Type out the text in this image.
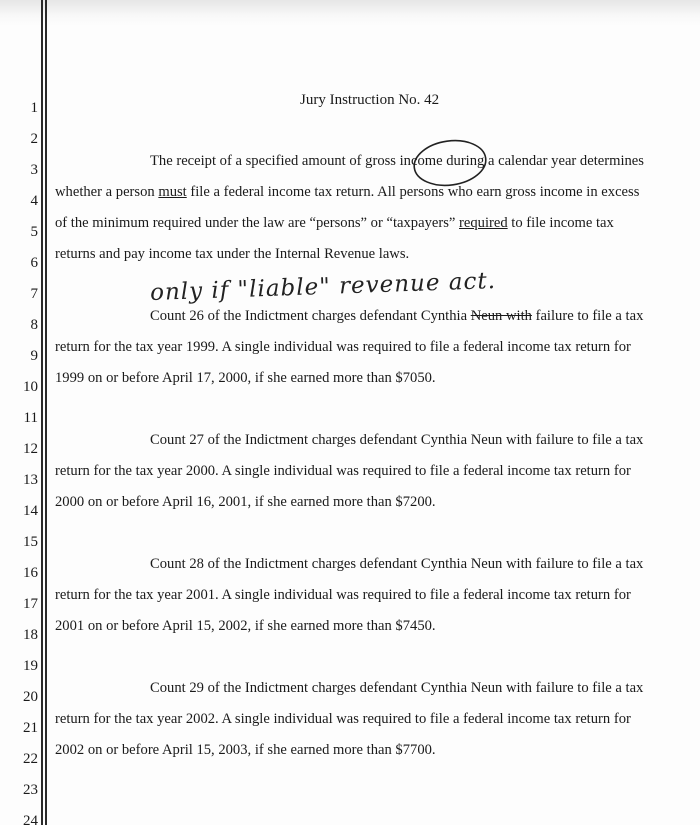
1
2
3
4
5
6
7
8
9
10
11
12
13
14
15
16
17
18
19
20
21
22
23
24
Jury Instruction No. 42
The receipt of a specified amount of gross income during a calendar year determines
whether a person must file a federal income tax return. All persons who earn gross income in excess
of the minimum required under the law are “persons” or “taxpayers” required to file income tax
returns and pay income tax under the Internal Revenue laws.
only if "liable" revenue act.
Count 26 of the Indictment charges defendant Cynthia Neun with failure to file a tax
return for the tax year 1999. A single individual was required to file a federal income tax return for
1999 on or before April 17, 2000, if she earned more than $7050.
Count 27 of the Indictment charges defendant Cynthia Neun with failure to file a tax
return for the tax year 2000. A single individual was required to file a federal income tax return for
2000 on or before April 16, 2001, if she earned more than $7200.
Count 28 of the Indictment charges defendant Cynthia Neun with failure to file a tax
return for the tax year 2001. A single individual was required to file a federal income tax return for
2001 on or before April 15, 2002, if she earned more than $7450.
Count 29 of the Indictment charges defendant Cynthia Neun with failure to file a tax
return for the tax year 2002. A single individual was required to file a federal income tax return for
2002 on or before April 15, 2003, if she earned more than $7700.
